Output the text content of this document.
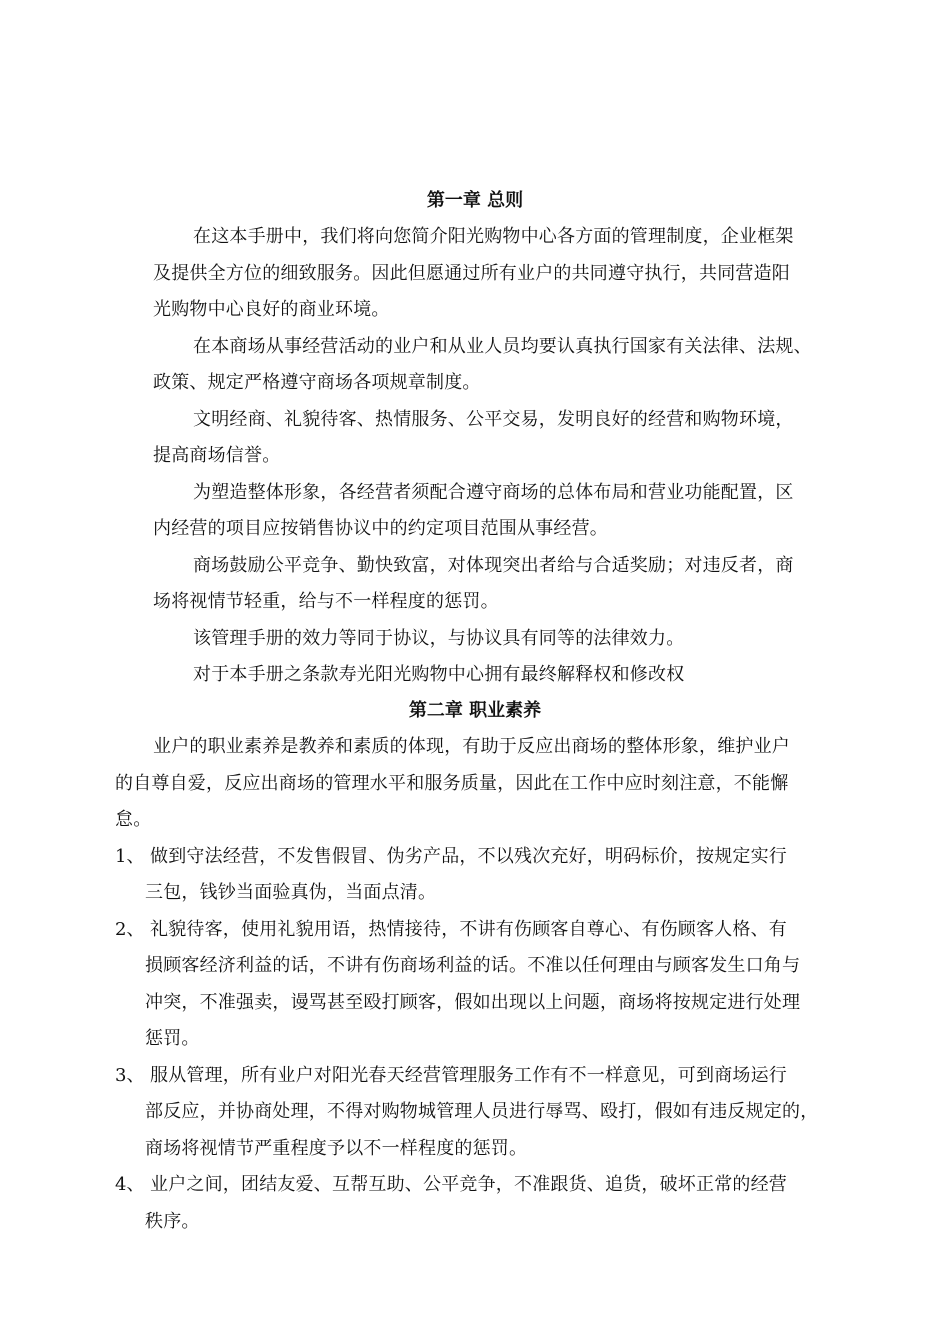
第一章 总则
在这本手册中，我们将向您简介阳光购物中心各方面的管理制度，企业框架
及提供全方位的细致服务。因此但愿通过所有业户的共同遵守执行，共同营造阳
光购物中心良好的商业环境。
在本商场从事经营活动的业户和从业人员均要认真执行国家有关法律、法规、
政策、规定严格遵守商场各项规章制度。
文明经商、礼貌待客、热情服务、公平交易，发明良好的经营和购物环境，
提高商场信誉。
为塑造整体形象，各经营者须配合遵守商场的总体布局和营业功能配置，区
内经营的项目应按销售协议中的约定项目范围从事经营。
商场鼓励公平竞争、勤快致富，对体现突出者给与合适奖励；对违反者，商
场将视情节轻重，给与不一样程度的惩罚。
该管理手册的效力等同于协议，与协议具有同等的法律效力。
对于本手册之条款寿光阳光购物中心拥有最终解释权和修改权
第二章 职业素养
业户的职业素养是教养和素质的体现，有助于反应出商场的整体形象，维护业户
的自尊自爱，反应出商场的管理水平和服务质量，因此在工作中应时刻注意，不能懈
怠。
1、 做到守法经营，不发售假冒、伪劣产品，不以残次充好，明码标价，按规定实行
三包，钱钞当面验真伪，当面点清。
2、 礼貌待客，使用礼貌用语，热情接待，不讲有伤顾客自尊心、有伤顾客人格、有
损顾客经济利益的话，不讲有伤商场利益的话。不准以任何理由与顾客发生口角与
冲突，不准强卖，谩骂甚至殴打顾客，假如出现以上问题，商场将按规定进行处理
惩罚。
3、 服从管理，所有业户对阳光春天经营管理服务工作有不一样意见，可到商场运行
部反应，并协商处理，不得对购物城管理人员进行辱骂、殴打，假如有违反规定的，
商场将视情节严重程度予以不一样程度的惩罚。
4、 业户之间，团结友爱、互帮互助、公平竞争，不准跟货、追货，破坏正常的经营
秩序。
